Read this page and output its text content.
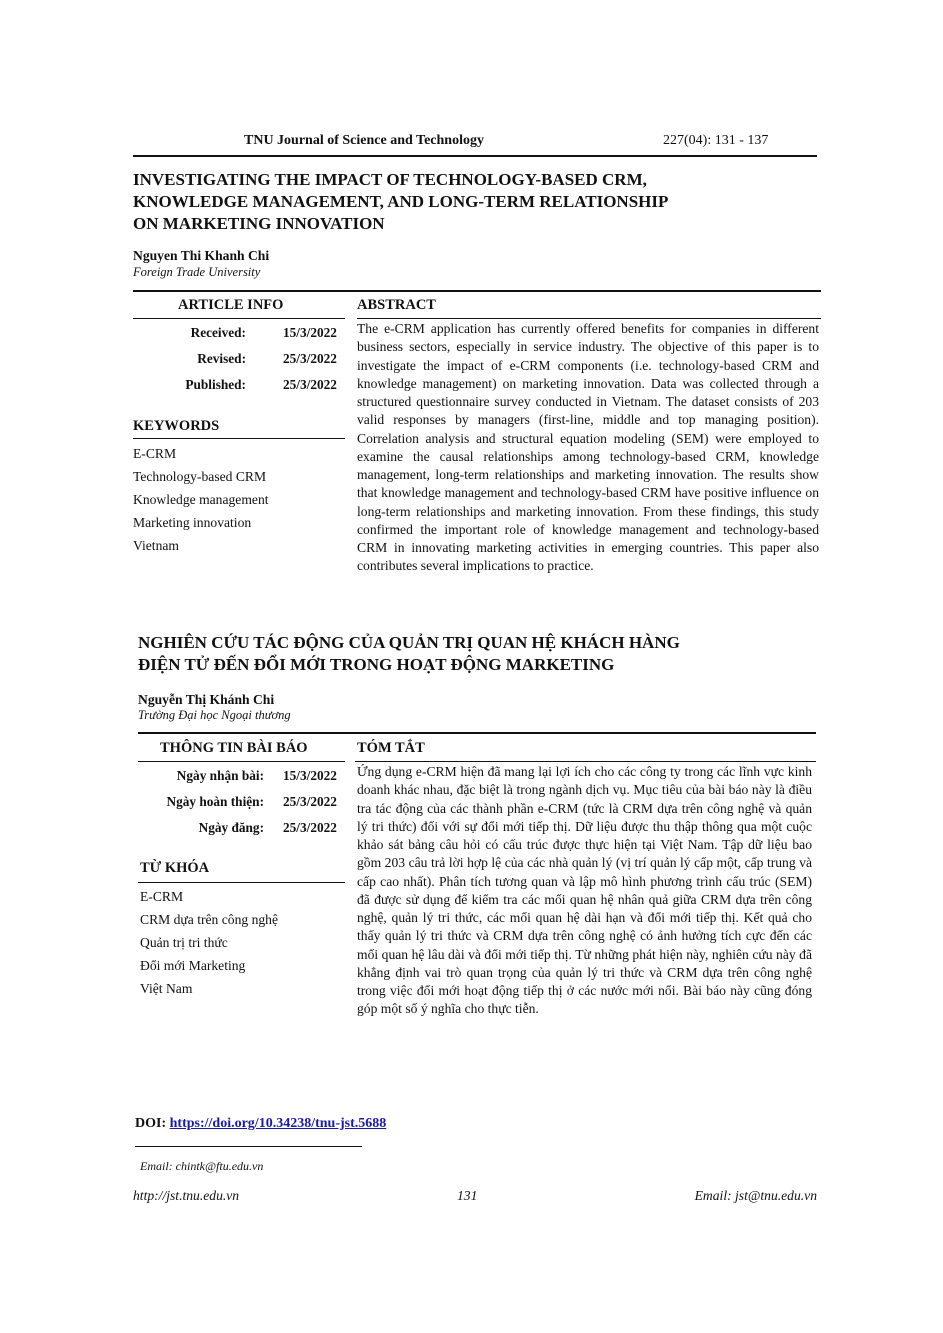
TNU Journal of Science and Technology	227(04): 131 - 137
INVESTIGATING THE IMPACT OF TECHNOLOGY-BASED CRM,
KNOWLEDGE MANAGEMENT, AND LONG-TERM RELATIONSHIP
ON MARKETING INNOVATION
Nguyen Thi Khanh Chi
Foreign Trade University
ARTICLE INFO	ABSTRACT
Received:	15/3/2022
Revised:	25/3/2022
Published:	25/3/2022
KEYWORDS
E-CRM
Technology-based CRM
Knowledge management
Marketing innovation
Vietnam
The e-CRM application has currently offered benefits for companies in different business sectors, especially in service industry. The objective of this paper is to investigate the impact of e-CRM components (i.e. technology-based CRM and knowledge management) on marketing innovation. Data was collected through a structured questionnaire survey conducted in Vietnam. The dataset consists of 203 valid responses by managers (first-line, middle and top managing position). Correlation analysis and structural equation modeling (SEM) were employed to examine the causal relationships among technology-based CRM, knowledge management, long-term relationships and marketing innovation. The results show that knowledge management and technology-based CRM have positive influence on long-term relationships and marketing innovation. From these findings, this study confirmed the important role of knowledge management and technology-based CRM in innovating marketing activities in emerging countries. This paper also contributes several implications to practice.
NGHIÊN CỨU TÁC ĐỘNG CỦA QUẢN TRỊ QUAN HỆ KHÁCH HÀNG
ĐIỆN TỬ ĐẾN ĐỔI MỚI TRONG HOẠT ĐỘNG MARKETING
Nguyễn Thị Khánh Chi
Trường Đại học Ngoại thương
THÔNG TIN BÀI BÁO	TÓM TẮT
Ngày nhận bài: 15/3/2022
Ngày hoàn thiện: 25/3/2022
Ngày đăng: 25/3/2022
TỪ KHÓA
E-CRM
CRM dựa trên công nghệ
Quản trị tri thức
Đổi mới Marketing
Việt Nam
Ứng dụng e-CRM hiện đã mang lại lợi ích cho các công ty trong các lĩnh vực kinh doanh khác nhau, đặc biệt là trong ngành dịch vụ. Mục tiêu của bài báo này là điều tra tác động của các thành phần e-CRM (tức là CRM dựa trên công nghệ và quản lý tri thức) đối với sự đổi mới tiếp thị. Dữ liệu được thu thập thông qua một cuộc khảo sát bảng câu hỏi có cấu trúc được thực hiện tại Việt Nam. Tập dữ liệu bao gồm 203 câu trả lời hợp lệ của các nhà quản lý (vị trí quản lý cấp một, cấp trung và cấp cao nhất). Phân tích tương quan và lập mô hình phương trình cấu trúc (SEM) đã được sử dụng để kiểm tra các mối quan hệ nhân quả giữa CRM dựa trên công nghệ, quản lý tri thức, các mối quan hệ dài hạn và đổi mới tiếp thị. Kết quả cho thấy quản lý tri thức và CRM dựa trên công nghệ có ảnh hưởng tích cực đến các mối quan hệ lâu dài và đổi mới tiếp thị. Từ những phát hiện này, nghiên cứu này đã khẳng định vai trò quan trọng của quản lý tri thức và CRM dựa trên công nghệ trong việc đổi mới hoạt động tiếp thị ở các nước mới nổi. Bài báo này cũng đóng góp một số ý nghĩa cho thực tiễn.
DOI: https://doi.org/10.34238/tnu-jst.5688
Email: chintk@ftu.edu.vn
http://jst.tnu.edu.vn	131	Email: jst@tnu.edu.vn
